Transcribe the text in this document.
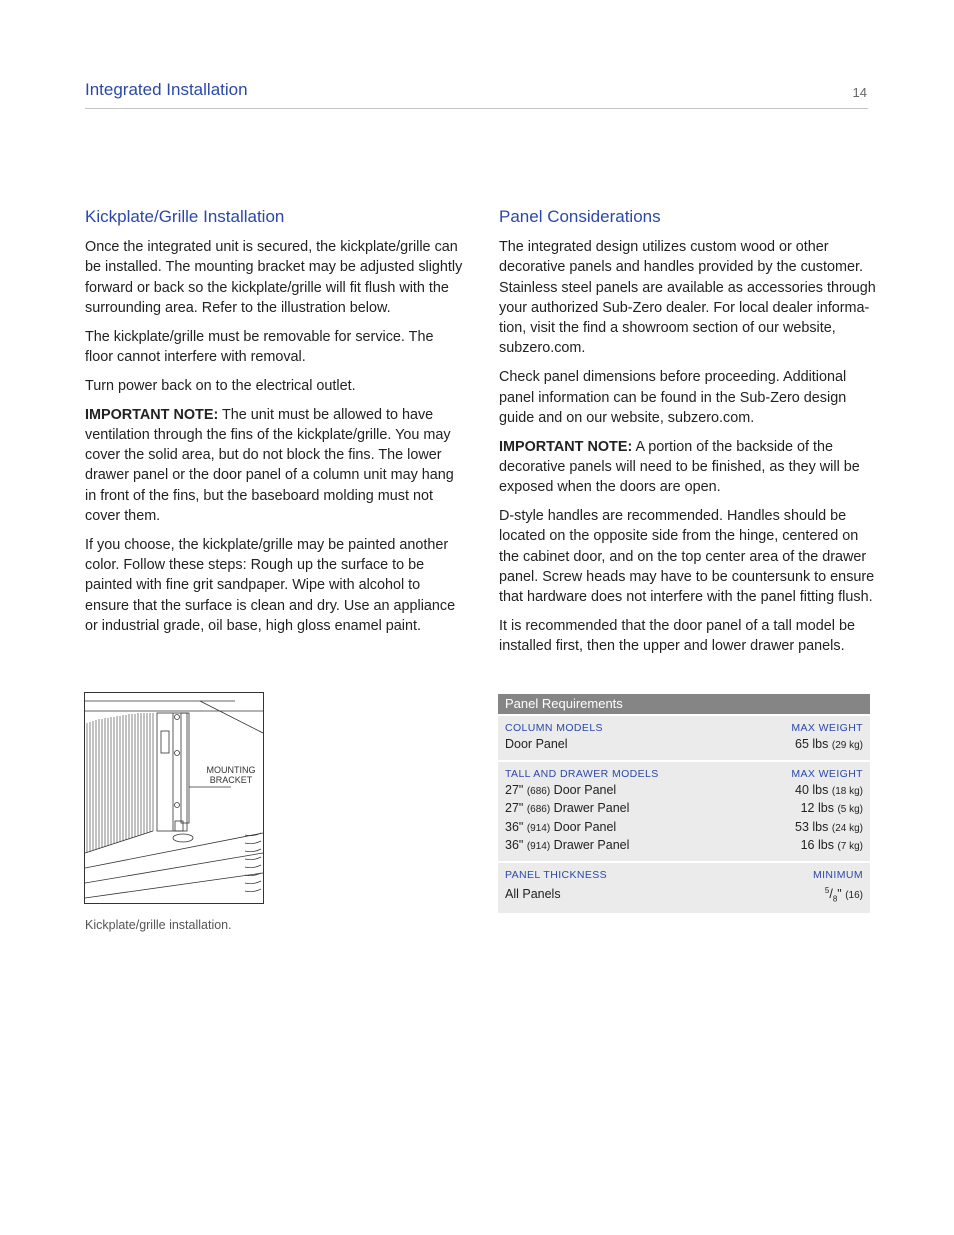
Integrated Installation	14
Kickplate/Grille Installation

Once the integrated unit is secured, the kickplate/grille can be installed. The mounting bracket may be adjusted slightly forward or back so the kickplate/grille will fit flush with the surrounding area. Refer to the illustration below.

The kickplate/grille must be removable for service. The floor cannot interfere with removal.

Turn power back on to the electrical outlet.

IMPORTANT NOTE: The unit must be allowed to have ventilation through the fins of the kickplate/grille. You may cover the solid area, but do not block the fins. The lower drawer panel or the door panel of a column unit may hang in front of the fins, but the baseboard molding must not cover them.

If you choose, the kickplate/grille may be painted another color. Follow these steps: Rough up the surface to be painted with fine grit sandpaper. Wipe with alcohol to ensure that the surface is clean and dry. Use an appliance or industrial grade, oil base, high gloss enamel paint.

Panel Considerations

The integrated design utilizes custom wood or other decorative panels and handles provided by the customer. Stainless steel panels are available as accessories through your authorized Sub-Zero dealer. For local dealer informa-tion, visit the find a showroom section of our website, subzero.com.

Check panel dimensions before proceeding. Additional panel information can be found in the Sub-Zero design guide and on our website, subzero.com.

IMPORTANT NOTE: A portion of the backside of the decorative panels will need to be finished, as they will be exposed when the doors are open.

D-style handles are recommended. Handles should be located on the opposite side from the hinge, centered on the cabinet door, and on the top center area of the drawer panel. Screw heads may have to be countersunk to ensure that hardware does not interfere with the panel fitting flush.

It is recommended that the door panel of a tall model be installed first, then the upper and lower drawer panels.

MOUNTING
BRACKET
Kickplate/grille installation.
Panel Requirements
COLUMN MODELS	MAX WEIGHT
Door Panel	65 lbs (29 kg)
TALL AND DRAWER MODELS	MAX WEIGHT
27" (686) Door Panel	40 lbs (18 kg)
27" (686) Drawer Panel	12 lbs (5 kg)
36" (914) Door Panel	53 lbs (24 kg)
36" (914) Drawer Panel	16 lbs (7 kg)
PANEL THICKNESS	MINIMUM
All Panels	$^5/_8$" (16)
